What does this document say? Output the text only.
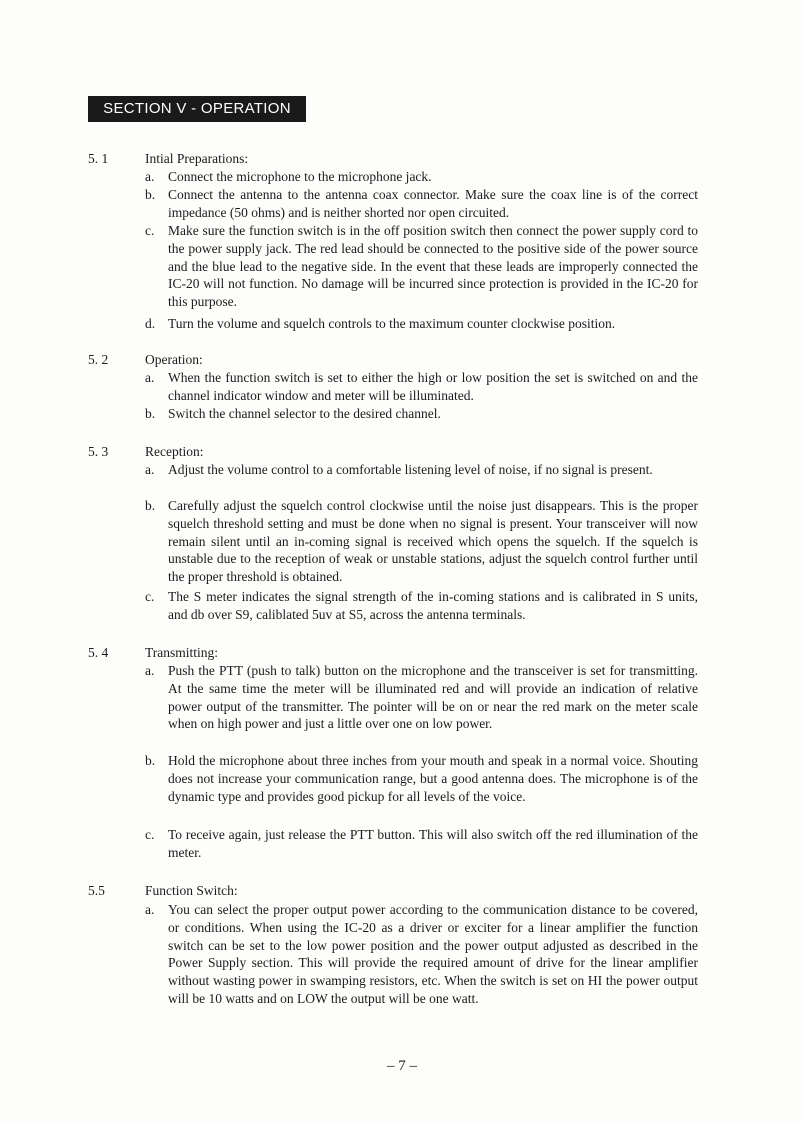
SECTION V - OPERATION
5. 1	Intial Preparations:
a. Connect the microphone to the microphone jack.
b. Connect the antenna to the antenna coax connector. Make sure the coax line is of the correct impedance (50 ohms) and is neither shorted nor open circuited.
c. Make sure the function switch is in the off position switch then connect the power supply cord to the power supply jack. The red lead should be connected to the positive side of the power source and the blue lead to the negative side. In the event that these leads are improperly connected the IC-20 will not function. No damage will be incurred since protection is provided in the IC-20 for this purpose.
d. Turn the volume and squelch controls to the maximum counter clockwise position.
5. 2	Operation:
a. When the function switch is set to either the high or low position the set is switched on and the channel indicator window and meter will be illuminated.
b. Switch the channel selector to the desired channel.
5. 3	Reception:
a. Adjust the volume control to a comfortable listening level of noise, if no signal is present.
b. Carefully adjust the squelch control clockwise until the noise just disappears. This is the proper squelch threshold setting and must be done when no signal is present. Your transceiver will now remain silent until an in-coming signal is received which opens the squelch. If the squelch is unstable due to the reception of weak or unstable stations, adjust the squelch control further until the proper threshold is obtained.
c. The S meter indicates the signal strength of the in-coming stations and is calibrated in S units, and db over S9, caliblated 5uv at S5, across the antenna terminals.
5. 4	Transmitting:
a. Push the PTT (push to talk) button on the microphone and the transceiver is set for transmitting. At the same time the meter will be illuminated red and will provide an indication of relative power output of the transmitter. The pointer will be on or near the red mark on the meter scale when on high power and just a little over one on low power.
b. Hold the microphone about three inches from your mouth and speak in a normal voice. Shouting does not increase your communication range, but a good antenna does. The microphone is of the dynamic type and provides good pickup for all levels of the voice.
c. To receive again, just release the PTT button. This will also switch off the red illumination of the meter.
5.5	Function Switch:
a. You can select the proper output power according to the communication distance to be covered, or conditions. When using the IC-20 as a driver or exciter for a linear amplifier the function switch can be set to the low power position and the power output adjusted as described in the Power Supply section. This will provide the required amount of drive for the linear amplifier without wasting power in swamping resistors, etc. When the switch is set on HI the power output will be 10 watts and on LOW the output will be one watt.
– 7 –
